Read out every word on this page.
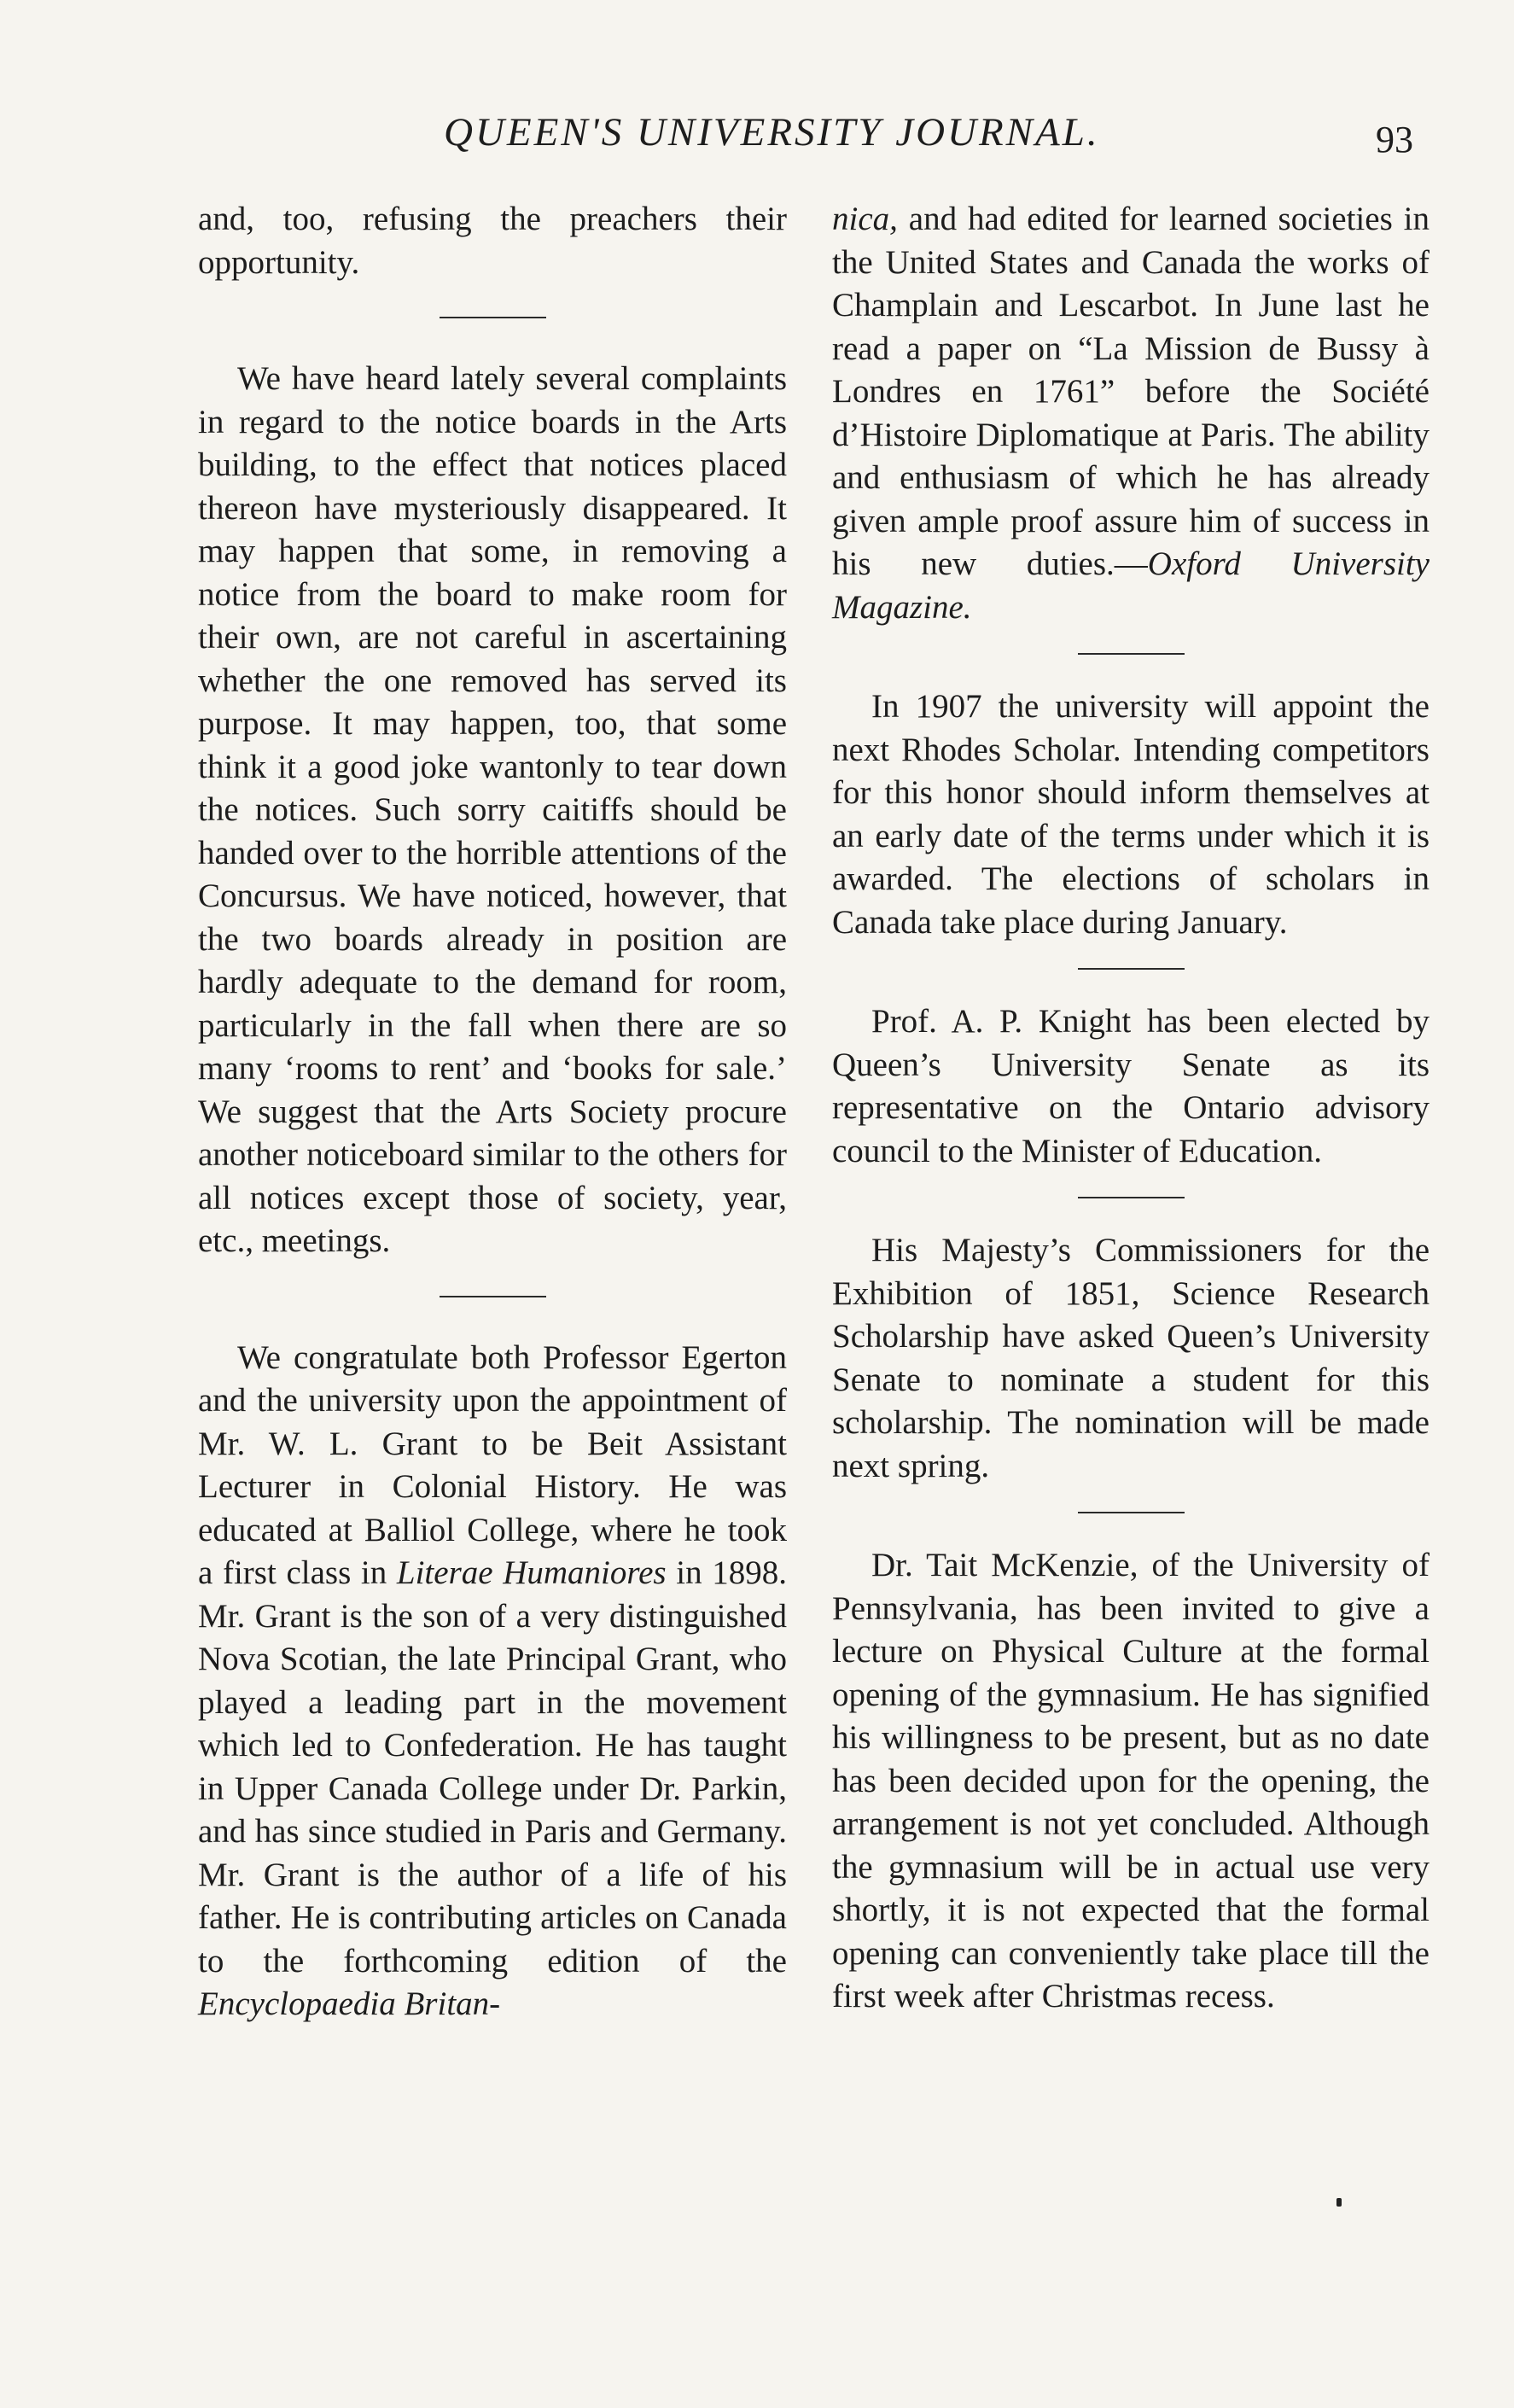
QUEEN'S UNIVERSITY JOURNAL.	93

and, too, refusing the preachers their opportunity.

We have heard lately several complaints in regard to the notice boards in the Arts building, to the effect that notices placed thereon have mysteriously disappeared. It may happen that some, in removing a notice from the board to make room for their own, are not careful in ascertaining whether the one removed has served its purpose. It may happen, too, that some think it a good joke wantonly to tear down the notices. Such sorry caitiffs should be handed over to the horrible attentions of the Concursus. We have noticed, however, that the two boards already in position are hardly adequate to the demand for room, particularly in the fall when there are so many ‘rooms to rent’ and ‘books for sale.’ We suggest that the Arts Society procure another noticeboard similar to the others for all notices except those of society, year, etc., meetings.

We congratulate both Professor Egerton and the university upon the appointment of Mr. W. L. Grant to be Beit Assistant Lecturer in Colonial History. He was educated at Balliol College, where he took a first class in Literae Humaniores in 1898. Mr. Grant is the son of a very distinguished Nova Scotian, the late Principal Grant, who played a leading part in the movement which led to Confederation. He has taught in Upper Canada College under Dr. Parkin, and has since studied in Paris and Germany. Mr. Grant is the author of a life of his father. He is contributing articles on Canada to the forthcoming edition of the Encyclopaedia Britan-

nica, and had edited for learned societies in the United States and Canada the works of Champlain and Lescarbot. In June last he read a paper on “La Mission de Bussy à Londres en 1761” before the Société d’Histoire Diplomatique at Paris. The ability and enthusiasm of which he has already given ample proof assure him of success in his new duties.—Oxford University Magazine.

In 1907 the university will appoint the next Rhodes Scholar. Intending competitors for this honor should inform themselves at an early date of the terms under which it is awarded. The elections of scholars in Canada take place during January.

Prof. A. P. Knight has been elected by Queen’s University Senate as its representative on the Ontario advisory council to the Minister of Education.

His Majesty’s Commissioners for the Exhibition of 1851, Science Research Scholarship have asked Queen’s University Senate to nominate a student for this scholarship. The nomination will be made next spring.

Dr. Tait McKenzie, of the University of Pennsylvania, has been invited to give a lecture on Physical Culture at the formal opening of the gymnasium. He has signified his willingness to be present, but as no date has been decided upon for the opening, the arrangement is not yet concluded. Although the gymnasium will be in actual use very shortly, it is not expected that the formal opening can conveniently take place till the first week after Christmas recess.
